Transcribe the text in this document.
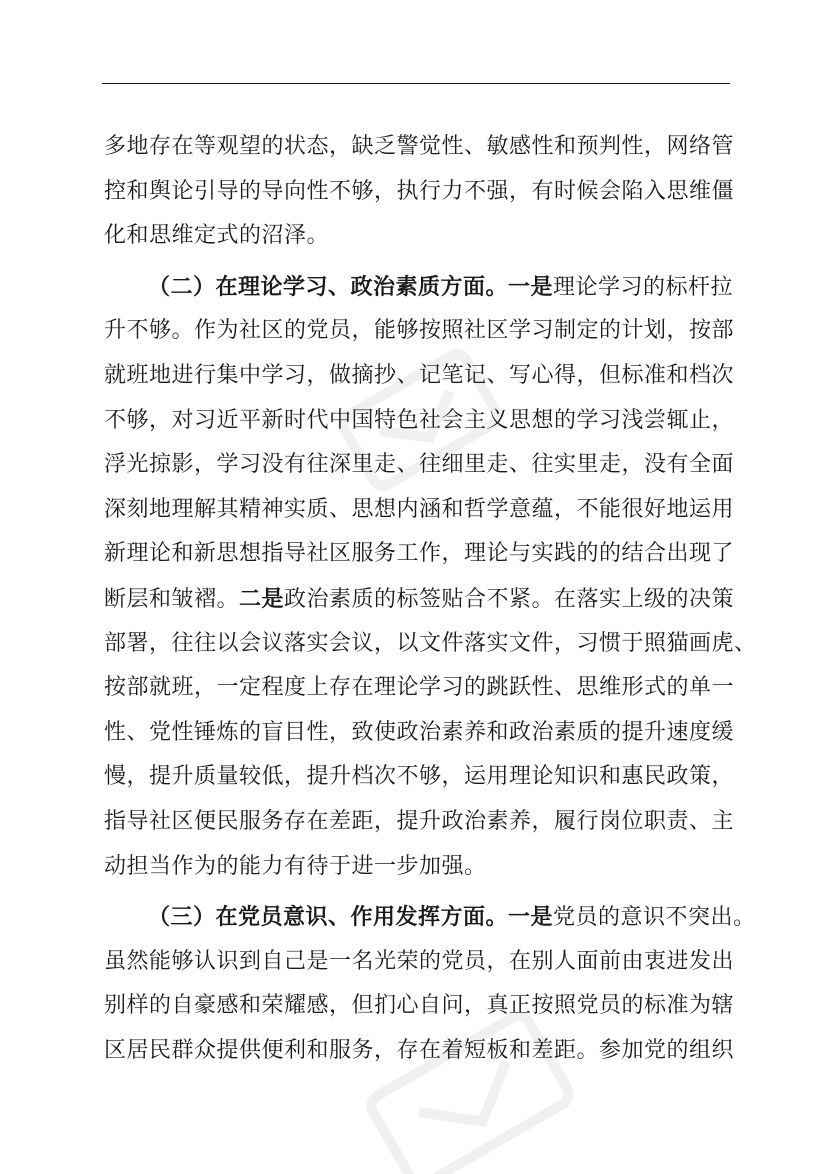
多地存在等观望的状态，缺乏警觉性、敏感性和预判性，网络管
控和舆论引导的导向性不够，执行力不强，有时候会陷入思维僵
化和思维定式的沼泽。
（二）在理论学习、政治素质方面。一是理论学习的标杆拉
升不够。作为社区的党员，能够按照社区学习制定的计划，按部
就班地进行集中学习，做摘抄、记笔记、写心得，但标准和档次
不够，对习近平新时代中国特色社会主义思想的学习浅尝辄止，
浮光掠影，学习没有往深里走、往细里走、往实里走，没有全面
深刻地理解其精神实质、思想内涵和哲学意蕴，不能很好地运用
新理论和新思想指导社区服务工作，理论与实践的的结合出现了
断层和皱褶。二是政治素质的标签贴合不紧。在落实上级的决策
部署，往往以会议落实会议，以文件落实文件，习惯于照猫画虎、
按部就班，一定程度上存在理论学习的跳跃性、思维形式的单一
性、党性锤炼的盲目性，致使政治素养和政治素质的提升速度缓
慢，提升质量较低，提升档次不够，运用理论知识和惠民政策，
指导社区便民服务存在差距，提升政治素养，履行岗位职责、主
动担当作为的能力有待于进一步加强。
（三）在党员意识、作用发挥方面。一是党员的意识不突出。
虽然能够认识到自己是一名光荣的党员，在别人面前由衷进发出
别样的自豪感和荣耀感，但扪心自问，真正按照党员的标准为辖
区居民群众提供便利和服务，存在着短板和差距。参加党的组织
